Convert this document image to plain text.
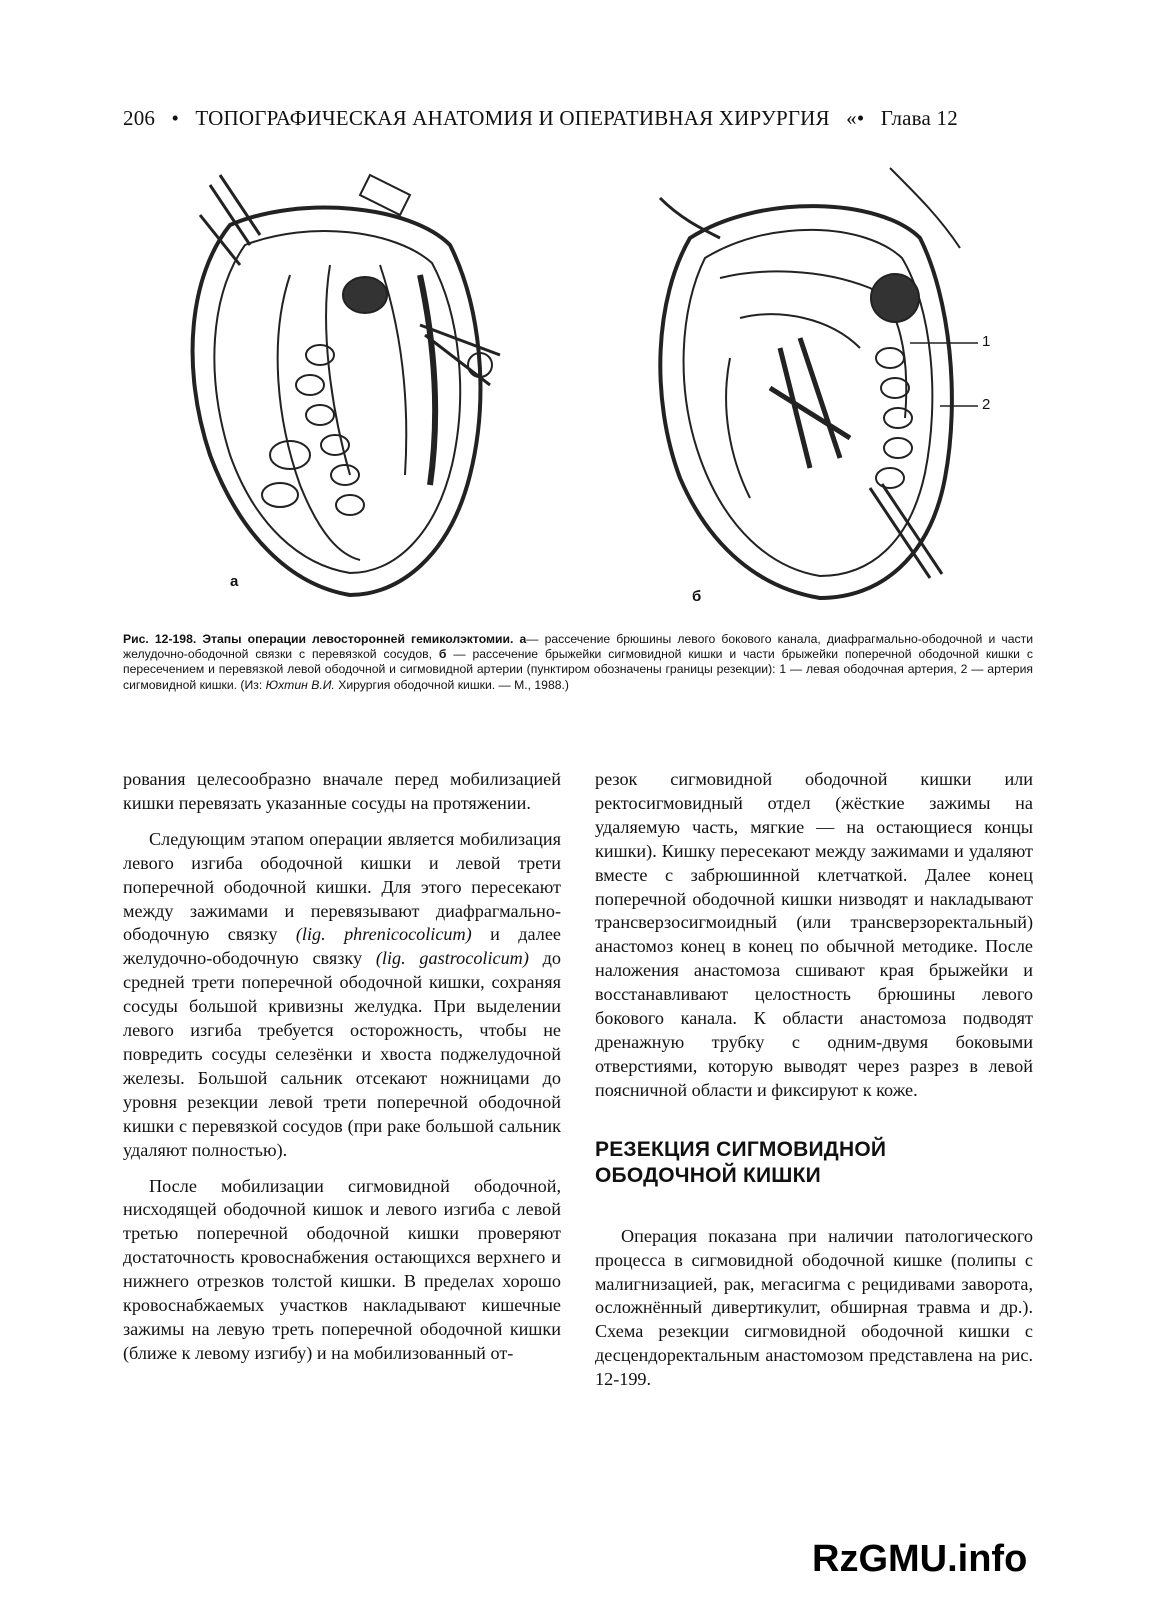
206   •   ТОПОГРАФИЧЕСКАЯ АНАТОМИЯ И ОПЕРАТИВНАЯ ХИРУРГИЯ   «•   Глава 12
а
б
1
2
Рис. 12-198. Этапы операции левосторонней гемиколэктомии. а— рассечение брюшины левого бокового канала, диафрагмально-ободочной и части желудочно-ободочной связки с перевязкой сосудов, б — рассечение брыжейки сигмовидной кишки и части брыжейки поперечной ободочной кишки с пересечением и перевязкой левой ободочной и сигмовидной артерии (пунктиром обозначены границы резекции): 1 — левая ободочная артерия, 2 — артерия сигмовидной кишки. (Из: Юхтин В.И. Хирургия ободочной кишки. — М., 1988.)

рования целесообразно вначале перед мобилизацией кишки перевязать указанные сосуды на протяжении.

Следующим этапом операции является мобилизация левого изгиба ободочной кишки и левой трети поперечной ободочной кишки. Для этого пересекают между зажимами и перевязывают диафрагмально-ободочную связку (lig. phrenicocolicum) и далее желудочно-ободочную связку (lig. gastrocolicum) до средней трети поперечной ободочной кишки, сохраняя сосуды большой кривизны желудка. При выделении левого изгиба требуется осторожность, чтобы не повредить сосуды селезёнки и хвоста поджелудочной железы. Большой сальник отсекают ножницами до уровня резекции левой трети поперечной ободочной кишки с перевязкой сосудов (при раке большой сальник удаляют полностью).

После мобилизации сигмовидной ободочной, нисходящей ободочной кишок и левого изгиба с левой третью поперечной ободочной кишки проверяют достаточность кровоснабжения остающихся верхнего и нижнего отрезков толстой кишки. В пределах хорошо кровоснабжаемых участков накладывают кишечные зажимы на левую треть поперечной ободочной кишки (ближе к левому изгибу) и на мобилизованный от-

резок сигмовидной ободочной кишки или ректосигмовидный отдел (жёсткие зажимы на удаляемую часть, мягкие — на остающиеся концы кишки). Кишку пересекают между зажимами и удаляют вместе с забрюшинной клетчаткой. Далее конец поперечной ободочной кишки низводят и накладывают трансверзосигмоидный (или трансверзоректальный) анастомоз конец в конец по обычной методике. После наложения анастомоза сшивают края брыжейки и восстанавливают целостность брюшины левого бокового канала. К области анастомоза подводят дренажную трубку с одним-двумя боковыми отверстиями, которую выводят через разрез в левой поясничной области и фиксируют к коже.

РЕЗЕКЦИЯ СИГМОВИДНОЙ
ОБОДОЧНОЙ КИШКИ

Операция показана при наличии патологического процесса в сигмовидной ободочной кишке (полипы с малигнизацией, рак, мегасигма с рецидивами заворота, осложнённый дивертикулит, обширная травма и др.). Схема резекции сигмовидной ободочной кишки с десцендоректальным анастомозом представлена на рис. 12-199.

RzGMU.info
